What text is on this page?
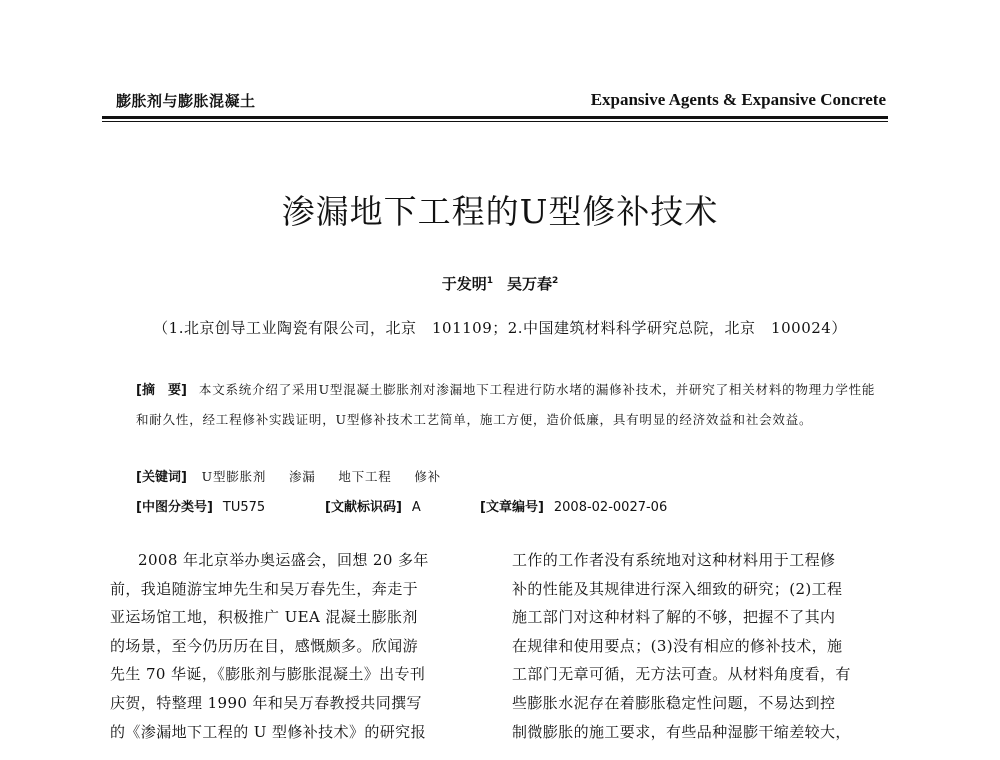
膨胀剂与膨胀混凝土	Expansive Agents & Expansive Concrete
渗漏地下工程的U型修补技术
于发明$^1$ 吴万春$^2$
（1.北京创导工业陶瓷有限公司，北京　101109；2.中国建筑材料科学研究总院，北京　100024）
[摘　要] 本文系统介绍了采用U型混凝土膨胀剂对渗漏地下工程进行防水堵的漏修补技术，并研究了相关材料的物理力学性能和耐久性，经工程修补实践证明，U型修补技术工艺简单，施工方便，造价低廉，具有明显的经济效益和社会效益。
[关键词] U型膨胀剂 渗漏 地下工程 修补
[中图分类号] TU575	[文献标识码] A	[文章编号] 2008-02-0027-06
2008 年北京举办奥运盛会，回想 20 多年
前，我追随游宝坤先生和吴万春先生，奔走于
亚运场馆工地，积极推广 UEA 混凝土膨胀剂
的场景，至今仍历历在目，感慨颇多。欣闻游
先生 70 华诞，《膨胀剂与膨胀混凝土》出专刊
庆贺，特整理 1990 年和吴万春教授共同撰写
的《渗漏地下工程的 U 型修补技术》的研究报
工作的工作者没有系统地对这种材料用于工程修
补的性能及其规律进行深入细致的研究；(2)工程
施工部门对这种材料了解的不够，把握不了其内
在规律和使用要点；(3)没有相应的修补技术，施
工部门无章可循，无方法可查。从材料角度看，有
些膨胀水泥存在着膨胀稳定性问题，不易达到控
制微膨胀的施工要求，有些品种湿膨干缩差较大，
